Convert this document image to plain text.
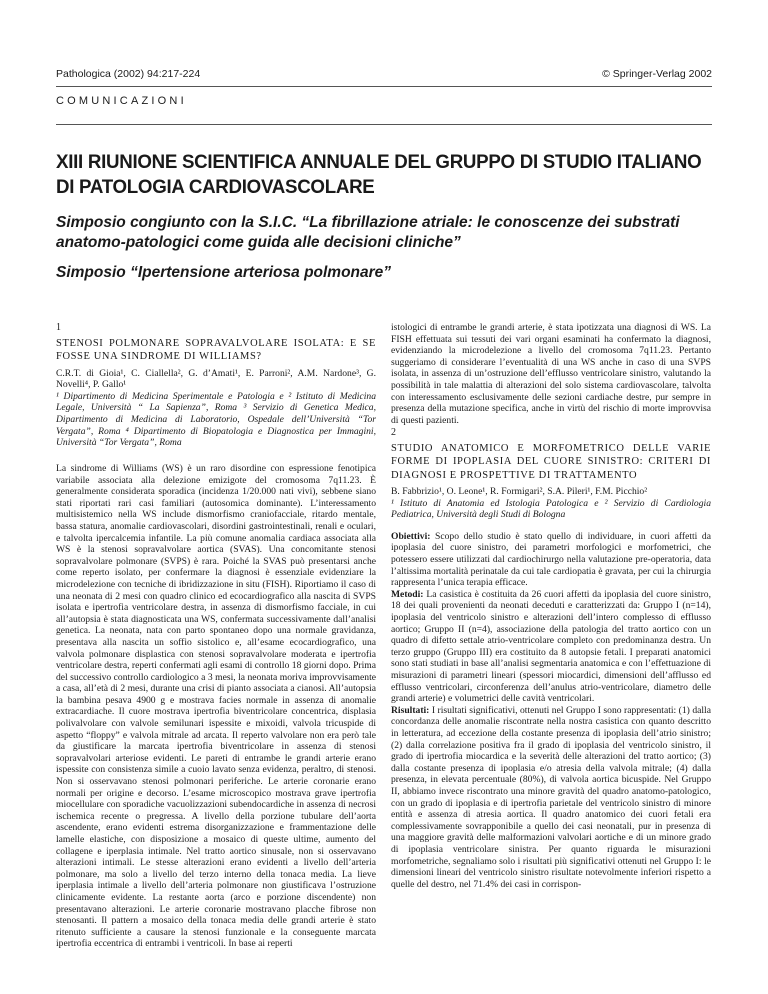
Pathologica (2002) 94:217-224	© Springer-Verlag 2002
COMUNICAZIONI
XIII RIUNIONE SCIENTIFICA ANNUALE DEL GRUPPO DI STUDIO ITALIANO
DI PATOLOGIA CARDIOVASCOLARE
Simposio congiunto con la S.I.C. “La fibrillazione atriale: le conoscenze dei substrati
anatomo-patologici come guida alle decisioni cliniche”
Simposio “Ipertensione arteriosa polmonare”
1
STENOSI POLMONARE SOPRAVALVOLARE ISOLATA: E SE FOSSE UNA SINDROME DI WILLIAMS?
C.R.T. di Gioia¹, C. Ciallella², G. d’Amati¹, E. Parroni², A.M. Nardone³, G. Novelli⁴, P. Gallo¹
¹ Dipartimento di Medicina Sperimentale e Patologia e ² Istituto di Medicina Legale, Università “ La Sapienza”, Roma ³ Servizio di Genetica Medica, Dipartimento di Medicina di Laboratorio, Ospedale dell’Università “Tor Vergata”, Roma ⁴ Dipartimento di Biopatologia e Diagnostica per Immagini, Università “Tor Vergata”, Roma

La sindrome di Williams (WS) è un raro disordine con espressione fenotipica variabile associata alla delezione emizigote del cromosoma 7q11.23. È generalmente considerata sporadica (incidenza 1/20.000 nati vivi), sebbene siano stati riportati rari casi familiari (autosomica dominante). L’interessamento multisistemico nella WS include dismorfismo craniofacciale, ritardo mentale, bassa statura, anomalie cardiovascolari, disordini gastrointestinali, renali e oculari, e talvolta ipercalcemia infantile. La più comune anomalia cardiaca associata alla WS è la stenosi sopravalvolare aortica (SVAS). Una concomitante stenosi sopravalvolare polmonare (SVPS) è rara. Poiché la SVAS può presentarsi anche come reperto isolato, per confermare la diagnosi è essenziale evidenziare la microdelezione con tecniche di ibridizzazione in situ (FISH). Riportiamo il caso di una neonata di 2 mesi con quadro clinico ed ecocardiografico alla nascita di SVPS isolata e ipertrofia ventricolare destra, in assenza di dismorfismo facciale, in cui all’autopsia è stata diagnosticata una WS, confermata successivamente dall’analisi genetica. La neonata, nata con parto spontaneo dopo una normale gravidanza, presentava alla nascita un soffio sistolico e, all’esame ecocardiografico, una valvola polmonare displastica con stenosi sopravalvolare moderata e ipertrofia ventricolare destra, reperti confermati agli esami di controllo 18 giorni dopo. Prima del successivo controllo cardiologico a 3 mesi, la neonata moriva improvvisamente a casa, all’età di 2 mesi, durante una crisi di pianto associata a cianosi. All’autopsia la bambina pesava 4900 g e mostrava facies normale in assenza di anomalie extracardiache. Il cuore mostrava ipertrofia biventricolare concentrica, displasia polivalvolare con valvole semilunari ispessite e mixoidi, valvola tricuspide di aspetto “floppy” e valvola mitrale ad arcata. Il reperto valvolare non era però tale da giustificare la marcata ipertrofia biventricolare in assenza di stenosi sopravalvolari arteriose evidenti. Le pareti di entrambe le grandi arterie erano ispessite con consistenza simile a cuoio lavato senza evidenza, peraltro, di stenosi. Non si osservavano stenosi polmonari periferiche. Le arterie coronarie erano normali per origine e decorso. L’esame microscopico mostrava grave ipertrofia miocellulare con sporadiche vacuolizzazioni subendocardiche in assenza di necrosi ischemica recente o pregressa. A livello della porzione tubulare dell’aorta ascendente, erano evidenti estrema disorganizzazione e frammentazione delle lamelle elastiche, con disposizione a mosaico di queste ultime, aumento del collagene e iperplasia intimale. Nel tratto aortico sinusale, non si osservavano alterazioni intimali. Le stesse alterazioni erano evidenti a livello dell’arteria polmonare, ma solo a livello del terzo interno della tonaca media. La lieve iperplasia intimale a livello dell’arteria polmonare non giustificava l’ostruzione clinicamente evidente. La restante aorta (arco e porzione discendente) non presentavano alterazioni. Le arterie coronarie mostravano placche fibrose non stenosanti. Il pattern a mosaico della tonaca media delle grandi arterie è stato ritenuto sufficiente a causare la stenosi funzionale e la conseguente marcata ipertrofia eccentrica di entrambi i ventricoli. In base ai reperti

istologici di entrambe le grandi arterie, è stata ipotizzata una diagnosi di WS. La FISH effettuata sui tessuti dei vari organi esaminati ha confermato la diagnosi, evidenziando la microdelezione a livello del cromosoma 7q11.23. Pertanto suggeriamo di considerare l’eventualità di una WS anche in caso di una SVPS isolata, in assenza di un’ostruzione dell’efflusso ventricolare sinistro, valutando la possibilità in tale malattia di alterazioni del solo sistema cardiovascolare, talvolta con interessamento esclusivamente delle sezioni cardiache destre, pur sempre in presenza della mutazione specifica, anche in virtù del rischio di morte improvvisa di questi pazienti.

2
STUDIO ANATOMICO E MORFOMETRICO DELLE VARIE FORME DI IPOPLASIA DEL CUORE SINISTRO: CRITERI DI DIAGNOSI E PROSPETTIVE DI TRATTAMENTO
B. Fabbrizio¹, O. Leone¹, R. Formigari², S.A. Pileri¹, F.M. Picchio²
¹ Istituto di Anatomia ed Istologia Patologica e ² Servizio di Cardiologia Pediatrica, Università degli Studi di Bologna

Obiettivi: Scopo dello studio è stato quello di individuare, in cuori affetti da ipoplasia del cuore sinistro, dei parametri morfologici e morfometrici, che potessero essere utilizzati dal cardiochirurgo nella valutazione pre-operatoria, data l’altissima mortalità perinatale da cui tale cardiopatia è gravata, per cui la chirurgia rappresenta l’unica terapia efficace.

Metodi: La casistica è costituita da 26 cuori affetti da ipoplasia del cuore sinistro, 18 dei quali provenienti da neonati deceduti e caratterizzati da: Gruppo I (n=14), ipoplasia del ventricolo sinistro e alterazioni dell’intero complesso di efflusso aortico; Gruppo II (n=4), associazione della patologia del tratto aortico con un quadro di difetto settale atrio-ventricolare completo con predominanza destra. Un terzo gruppo (Gruppo III) era costituito da 8 autopsie fetali. I preparati anatomici sono stati studiati in base all’analisi segmentaria anatomica e con l’effettuazione di misurazioni di parametri lineari (spessori miocardici, dimensioni dell’afflusso ed efflusso ventricolari, circonferenza dell’anulus atrio-ventricolare, diametro delle grandi arterie) e volumetrici delle cavità ventricolari.

Risultati: I risultati significativi, ottenuti nel Gruppo I sono rappresentati: (1) dalla concordanza delle anomalie riscontrate nella nostra casistica con quanto descritto in letteratura, ad eccezione della costante presenza di ipoplasia dell’atrio sinistro; (2) dalla correlazione positiva fra il grado di ipoplasia del ventricolo sinistro, il grado di ipertrofia miocardica e la severità delle alterazioni del tratto aortico; (3) dalla costante presenza di ipoplasia e/o atresia della valvola mitrale; (4) dalla presenza, in elevata percentuale (80%), di valvola aortica bicuspide. Nel Gruppo II, abbiamo invece riscontrato una minore gravità del quadro anatomo-patologico, con un grado di ipoplasia e di ipertrofia parietale del ventricolo sinistro di minore entità e assenza di atresia aortica. Il quadro anatomico dei cuori fetali era complessivamente sovrapponibile a quello dei casi neonatali, pur in presenza di una maggiore gravità delle malformazioni valvolari aortiche e di un minore grado di ipoplasia ventricolare sinistra. Per quanto riguarda le misurazioni morfometriche, segnaliamo solo i risultati più significativi ottenuti nel Gruppo I: le dimensioni lineari del ventricolo sinistro risultate notevolmente inferiori rispetto a quelle del destro, nel 71.4% dei casi in corrispon-
